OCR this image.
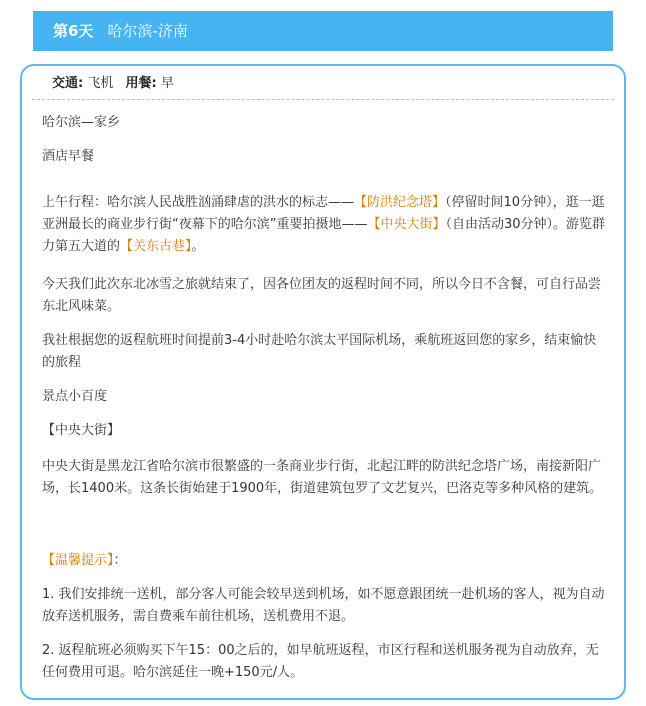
第6天 哈尔滨-济南
交通: 飞机 用餐: 早

哈尔滨—家乡

酒店早餐

上午行程：哈尔滨人民战胜汹涌肆虐的洪水的标志——【防洪纪念塔】（停留时间10分钟），逛一逛亚洲最长的商业步行街“夜幕下的哈尔滨”重要拍摄地——【中央大街】（自由活动30分钟）。游览群力第五大道的【关东古巷】。

今天我们此次东北冰雪之旅就结束了，因各位团友的返程时间不同，所以今日不含餐，可自行品尝东北风味菜。

我社根据您的返程航班时间提前3-4小时赴哈尔滨太平国际机场，乘航班返回您的家乡，结束愉快的旅程

景点小百度

【中央大街】

中央大街是黑龙江省哈尔滨市很繁盛的一条商业步行街，北起江畔的防洪纪念塔广场，南接新阳广场，长1400米。这条长街始建于1900年，街道建筑包罗了文艺复兴，巴洛克等多种风格的建筑。

【温馨提示】：

1. 我们安排统一送机，部分客人可能会较早送到机场，如不愿意跟团统一赴机场的客人，视为自动放弃送机服务，需自费乘车前往机场，送机费用不退。

2. 返程航班必须购买下午15：00之后的，如早航班返程，市区行程和送机服务视为自动放弃，无任何费用可退。哈尔滨延住一晚+150元/人。
